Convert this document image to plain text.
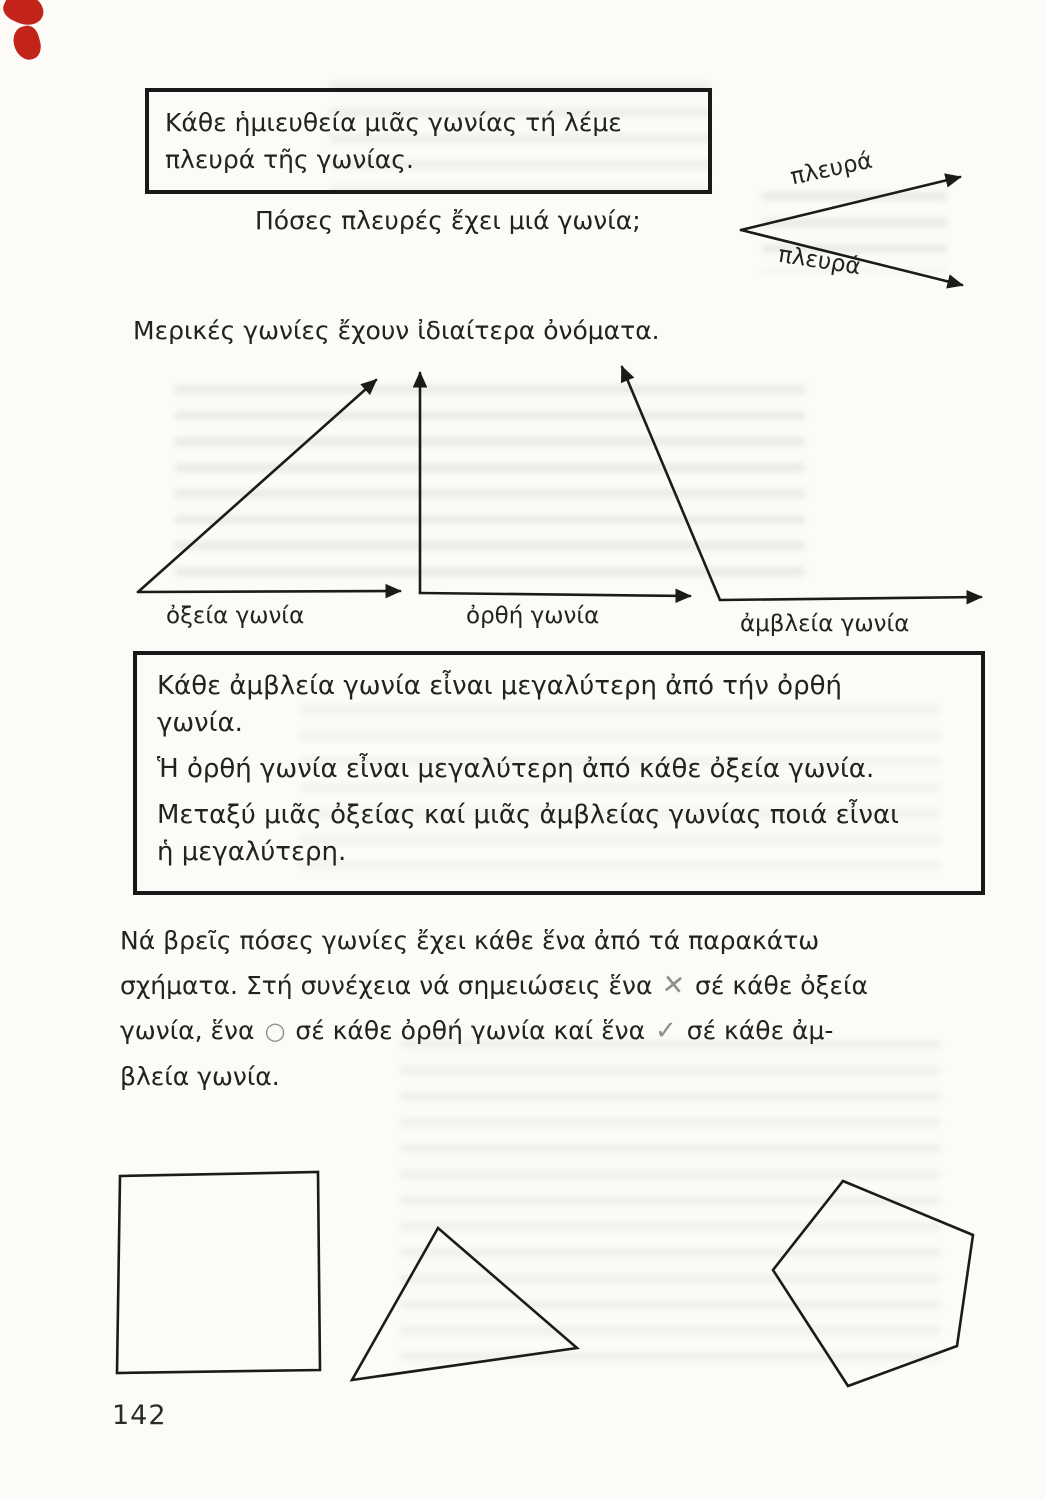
Κάθε ἡμιευθεία μιᾶς γωνίας τή λέμε πλευρά τῆς γωνίας.
Πόσες πλευρές ἔχει μιά γωνία;
πλευρά
πλευρά
Μερικές γωνίες ἔχουν ἰδιαίτερα ὀνόματα.
ὀξεία γωνία	ὀρθή γωνία	ἀμβλεία γωνία
Κάθε ἀμβλεία γωνία εἶναι μεγαλύτερη ἀπό τήν ὀρθή
γωνία.
Ἡ ὀρθή γωνία εἶναι μεγαλύτερη ἀπό κάθε ὀξεία γωνία.
Μεταξύ μιᾶς ὀξείας καί μιᾶς ἀμβλείας γωνίας ποιά εἶναι
ἡ μεγαλύτερη.
Νά βρεῖς πόσες γωνίες ἔχει κάθε ἕνα ἀπό τά παρακάτω
σχήματα. Στή συνέχεια νά σημειώσεις ἕνα ✕ σέ κάθε ὀξεία
γωνία, ἕνα ○ σέ κάθε ὀρθή γωνία καί ἕνα ✓ σέ κάθε ἀμ-
βλεία γωνία.
142
